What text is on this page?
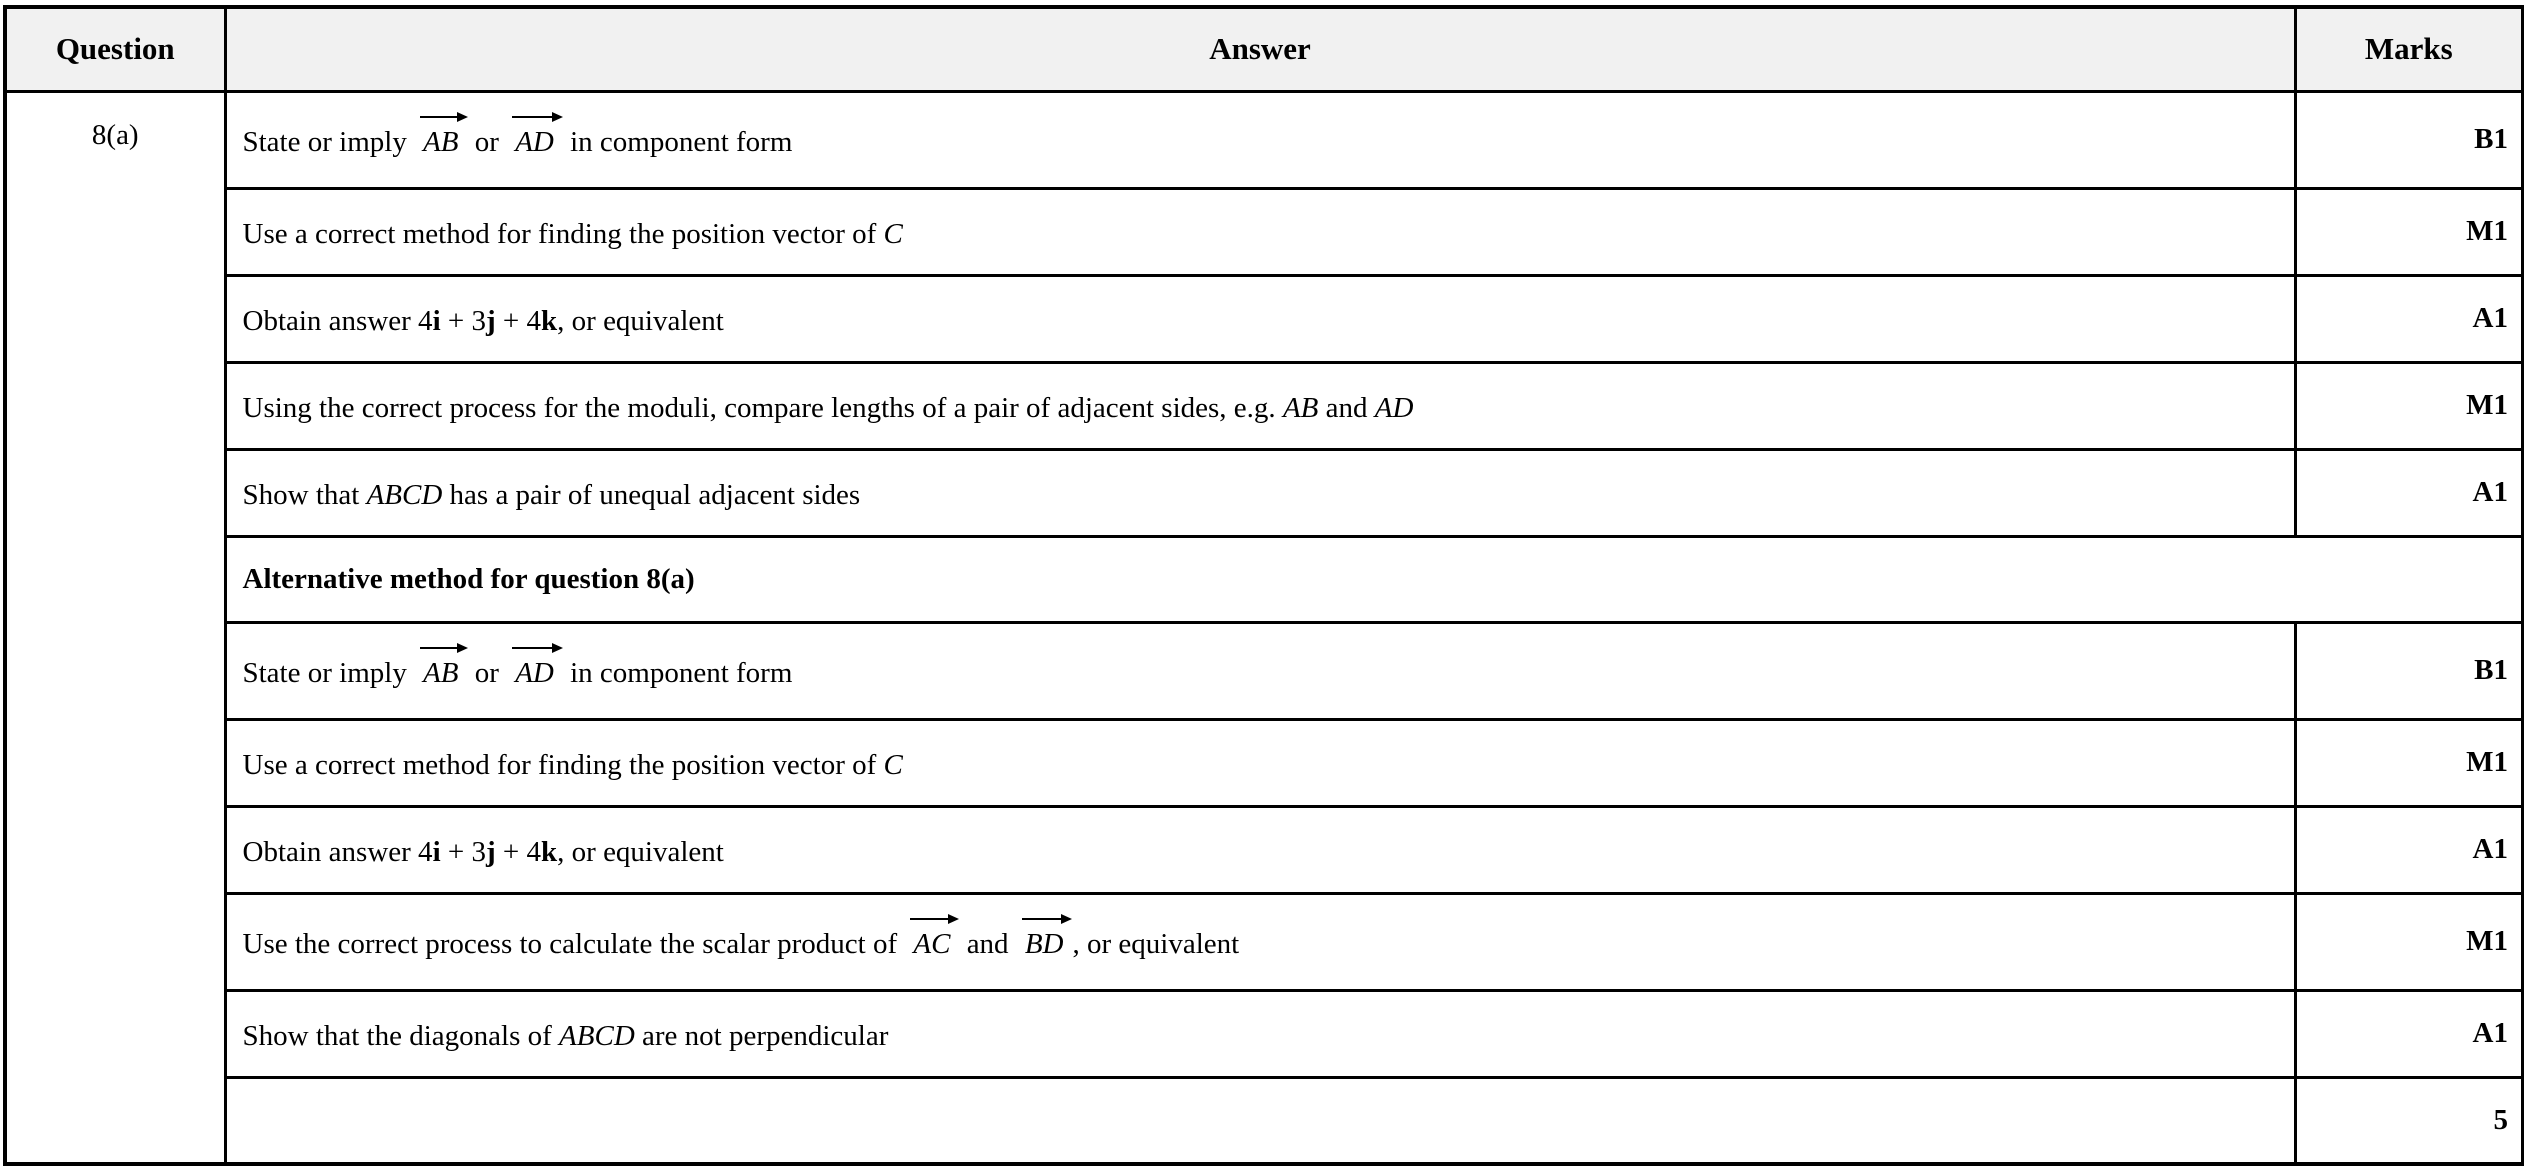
Question	Answer	Marks
8(a)	State or imply AB or AD in component form	B1
	Use a correct method for finding the position vector of C	M1
	Obtain answer 4i + 3j + 4k, or equivalent	A1
	Using the correct process for the moduli, compare lengths of a pair of adjacent sides, e.g. AB and AD	M1
	Show that ABCD has a pair of unequal adjacent sides	A1
	Alternative method for question 8(a)	
	State or imply AB or AD in component form	B1
	Use a correct method for finding the position vector of C	M1
	Obtain answer 4i + 3j + 4k, or equivalent	A1
	Use the correct process to calculate the scalar product of AC and BD , or equivalent	M1
	Show that the diagonals of ABCD are not perpendicular	A1
		5
